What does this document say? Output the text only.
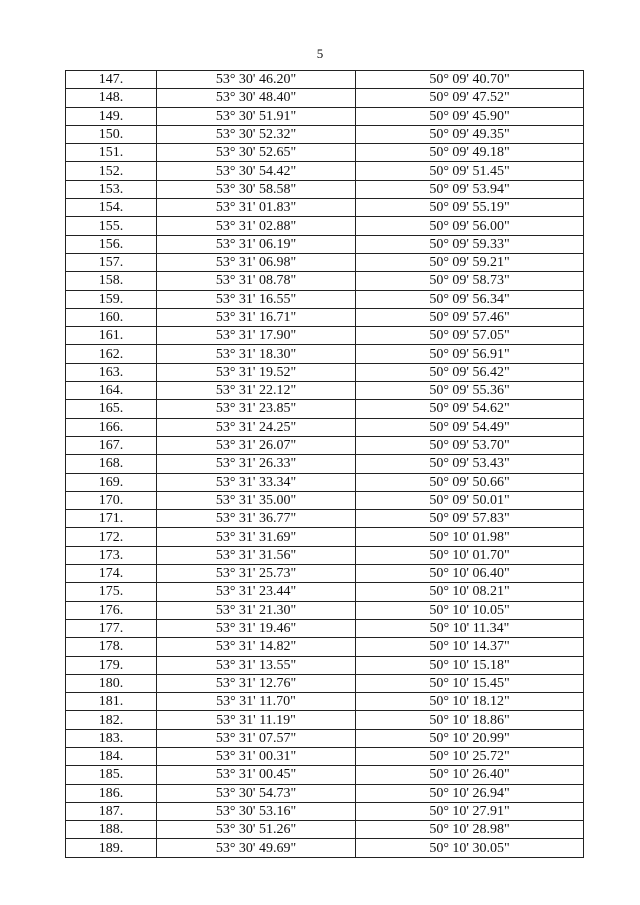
5
147.	53° 30' 46.20"	50° 09' 40.70"
148.	53° 30' 48.40"	50° 09' 47.52"
149.	53° 30' 51.91"	50° 09' 45.90"
150.	53° 30' 52.32"	50° 09' 49.35"
151.	53° 30' 52.65"	50° 09' 49.18"
152.	53° 30' 54.42"	50° 09' 51.45"
153.	53° 30' 58.58"	50° 09' 53.94"
154.	53° 31' 01.83"	50° 09' 55.19"
155.	53° 31' 02.88"	50° 09' 56.00"
156.	53° 31' 06.19"	50° 09' 59.33"
157.	53° 31' 06.98"	50° 09' 59.21"
158.	53° 31' 08.78"	50° 09' 58.73"
159.	53° 31' 16.55"	50° 09' 56.34"
160.	53° 31' 16.71"	50° 09' 57.46"
161.	53° 31' 17.90"	50° 09' 57.05"
162.	53° 31' 18.30"	50° 09' 56.91"
163.	53° 31' 19.52"	50° 09' 56.42"
164.	53° 31' 22.12"	50° 09' 55.36"
165.	53° 31' 23.85"	50° 09' 54.62"
166.	53° 31' 24.25"	50° 09' 54.49"
167.	53° 31' 26.07"	50° 09' 53.70"
168.	53° 31' 26.33"	50° 09' 53.43"
169.	53° 31' 33.34"	50° 09' 50.66"
170.	53° 31' 35.00"	50° 09' 50.01"
171.	53° 31' 36.77"	50° 09' 57.83"
172.	53° 31' 31.69"	50° 10' 01.98"
173.	53° 31' 31.56"	50° 10' 01.70"
174.	53° 31' 25.73"	50° 10' 06.40"
175.	53° 31' 23.44"	50° 10' 08.21"
176.	53° 31' 21.30"	50° 10' 10.05"
177.	53° 31' 19.46"	50° 10' 11.34"
178.	53° 31' 14.82"	50° 10' 14.37"
179.	53° 31' 13.55"	50° 10' 15.18"
180.	53° 31' 12.76"	50° 10' 15.45"
181.	53° 31' 11.70"	50° 10' 18.12"
182.	53° 31' 11.19"	50° 10' 18.86"
183.	53° 31' 07.57"	50° 10' 20.99"
184.	53° 31' 00.31"	50° 10' 25.72"
185.	53° 31' 00.45"	50° 10' 26.40"
186.	53° 30' 54.73"	50° 10' 26.94"
187.	53° 30' 53.16"	50° 10' 27.91"
188.	53° 30' 51.26"	50° 10' 28.98"
189.	53° 30' 49.69"	50° 10' 30.05"
